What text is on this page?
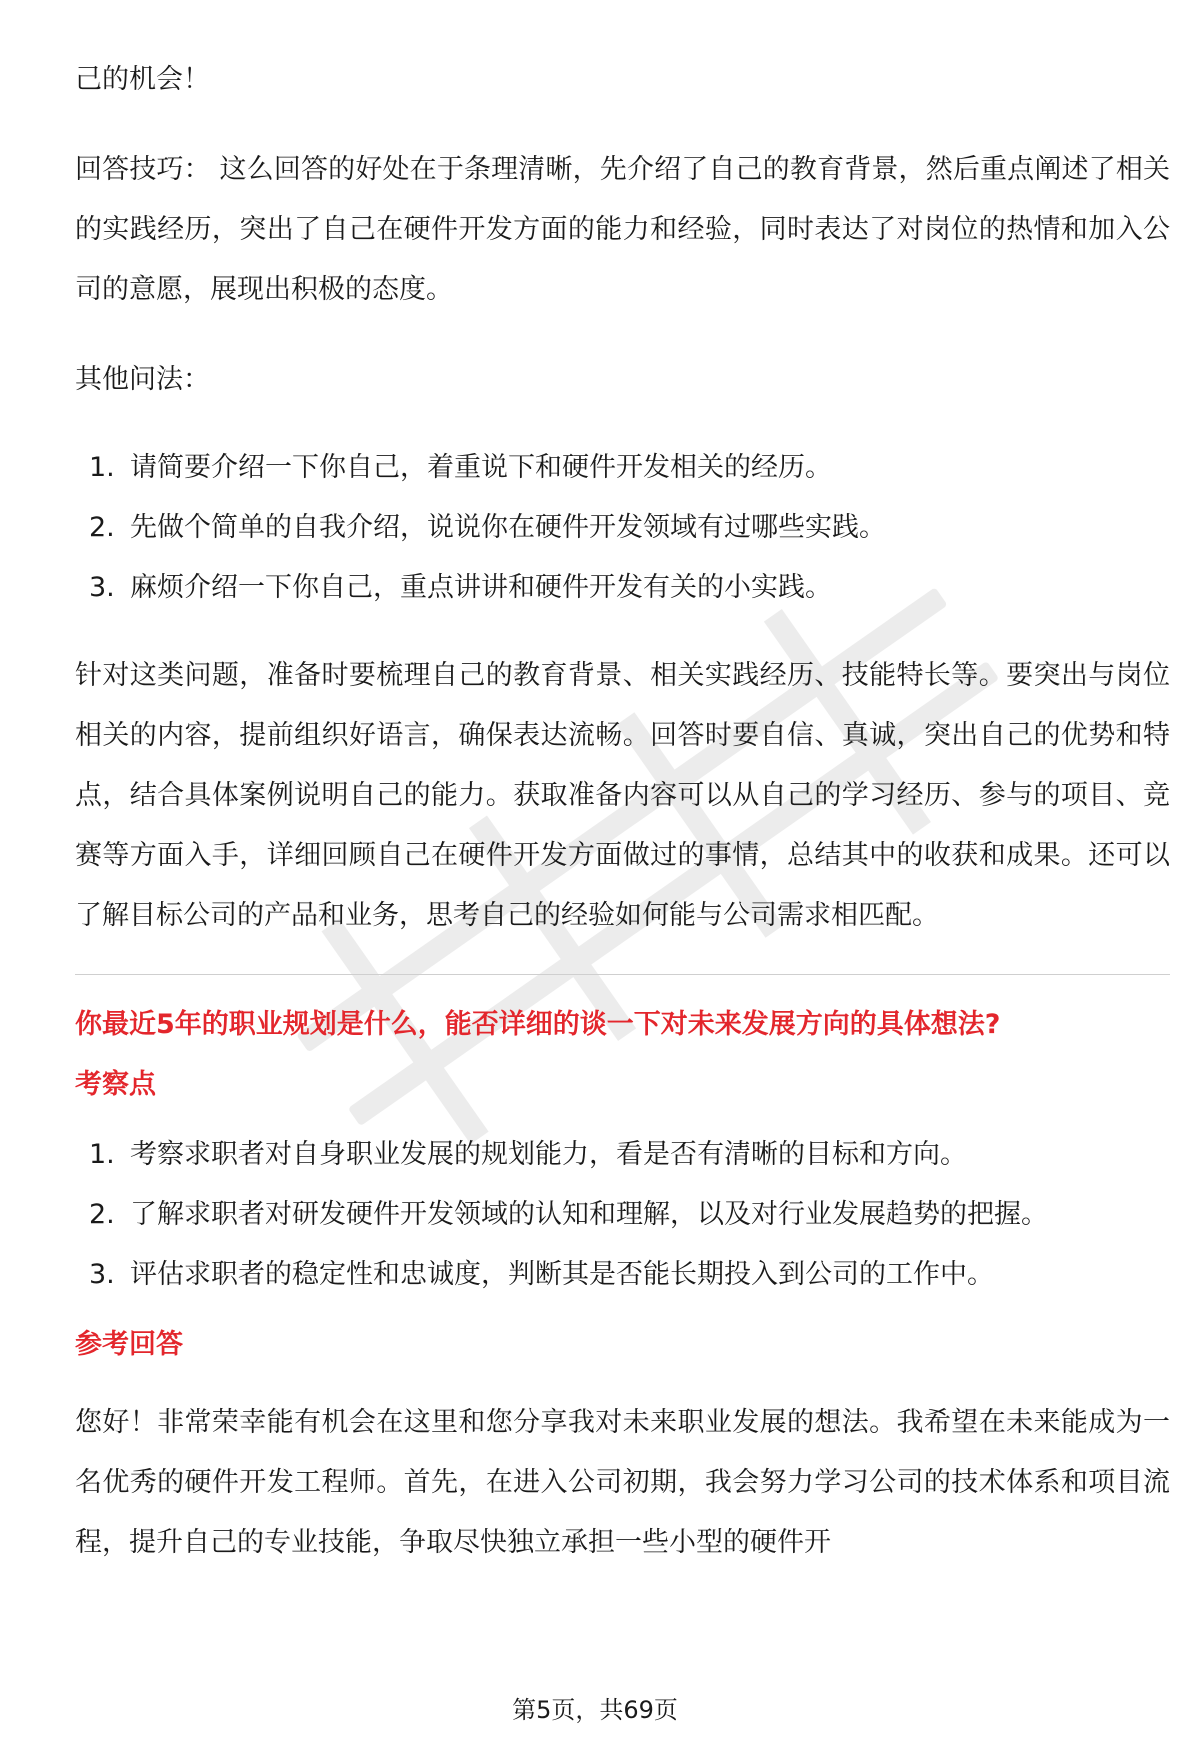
己的机会！

回答技巧： 这么回答的好处在于条理清晰，先介绍了自己的教育背景，然后重点阐述了相关的实践经历，突出了自己在硬件开发方面的能力和经验，同时表达了对岗位的热情和加入公司的意愿，展现出积极的态度。

其他问法：

1. 请简要介绍一下你自己，着重说下和硬件开发相关的经历。
2. 先做个简单的自我介绍，说说你在硬件开发领域有过哪些实践。
3. 麻烦介绍一下你自己，重点讲讲和硬件开发有关的小实践。

针对这类问题，准备时要梳理自己的教育背景、相关实践经历、技能特长等。要突出与岗位相关的内容，提前组织好语言，确保表达流畅。回答时要自信、真诚，突出自己的优势和特点，结合具体案例说明自己的能力。获取准备内容可以从自己的学习经历、参与的项目、竞赛等方面入手，详细回顾自己在硬件开发方面做过的事情，总结其中的收获和成果。还可以了解目标公司的产品和业务，思考自己的经验如何能与公司需求相匹配。

你最近5年的职业规划是什么，能否详细的谈一下对未来发展方向的具体想法?

考察点

1. 考察求职者对自身职业发展的规划能力，看是否有清晰的目标和方向。
2. 了解求职者对研发硬件开发领域的认知和理解，以及对行业发展趋势的把握。
3. 评估求职者的稳定性和忠诚度，判断其是否能长期投入到公司的工作中。

参考回答

您好！非常荣幸能有机会在这里和您分享我对未来职业发展的想法。我希望在未来能成为一名优秀的硬件开发工程师。首先，在进入公司初期，我会努力学习公司的技术体系和项目流程，提升自己的专业技能，争取尽快独立承担一些小型的硬件开

第5页，共69页
